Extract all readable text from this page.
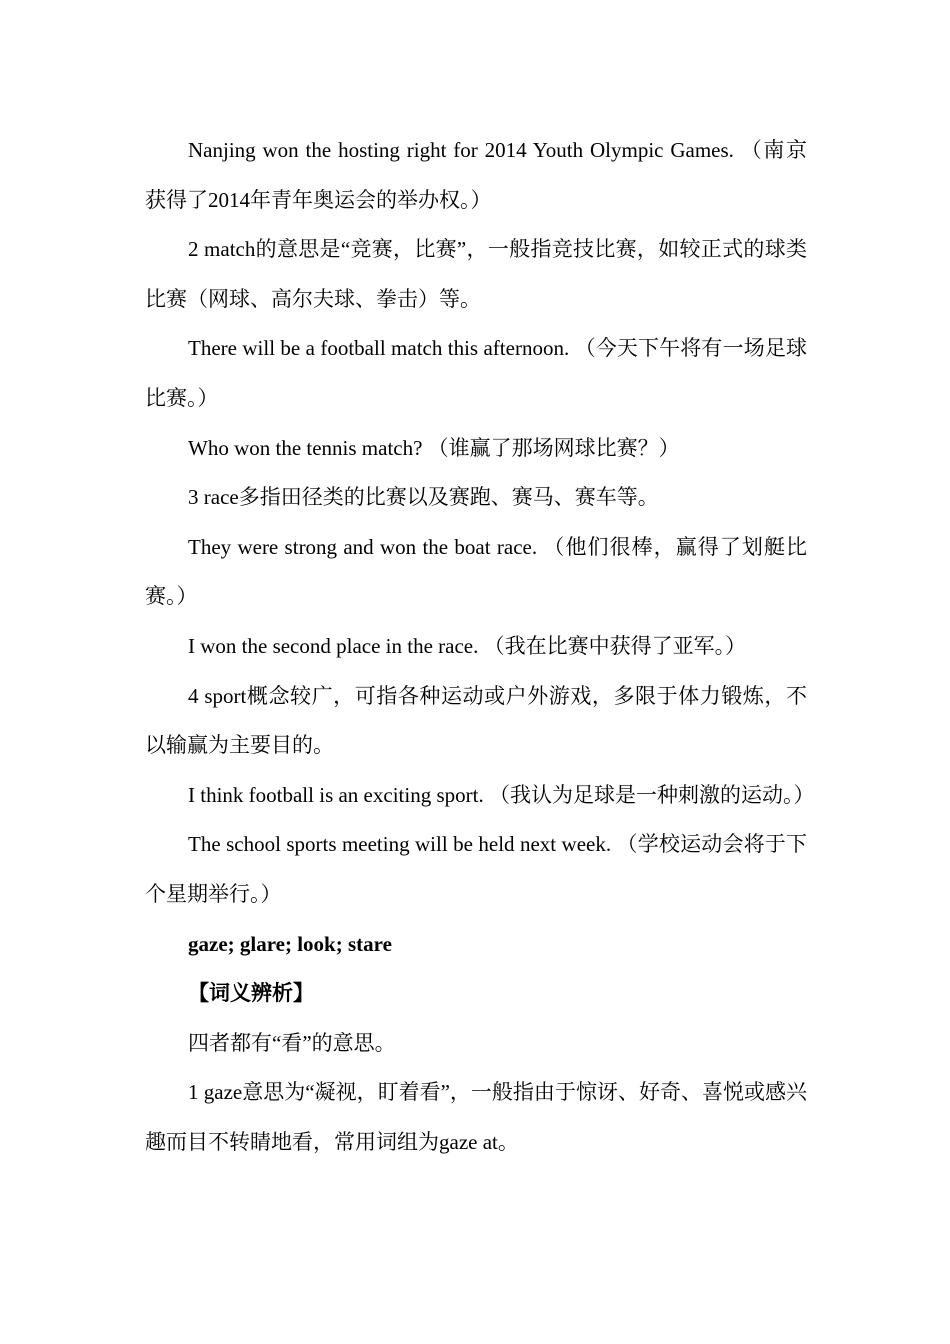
Nanjing won the hosting right for 2014 Youth Olympic Games. （南京获得了2014年青年奥运会的举办权。）

2 match的意思是“竞赛，比赛”，一般指竞技比赛，如较正式的球类比赛（网球、高尔夫球、拳击）等。

There will be a football match this afternoon. （今天下午将有一场足球比赛。）

Who won the tennis match? （谁赢了那场网球比赛？）

3 race多指田径类的比赛以及赛跑、赛马、赛车等。

They were strong and won the boat race. （他们很棒，赢得了划艇比赛。）

I won the second place in the race. （我在比赛中获得了亚军。）

4 sport概念较广，可指各种运动或户外游戏，多限于体力锻炼，不以输赢为主要目的。

I think football is an exciting sport. （我认为足球是一种刺激的运动。）

The school sports meeting will be held next week. （学校运动会将于下个星期举行。）

gaze; glare; look; stare

【词义辨析】

四者都有“看”的意思。

1 gaze意思为“凝视，盯着看”，一般指由于惊讶、好奇、喜悦或感兴趣而目不转睛地看，常用词组为gaze at。
